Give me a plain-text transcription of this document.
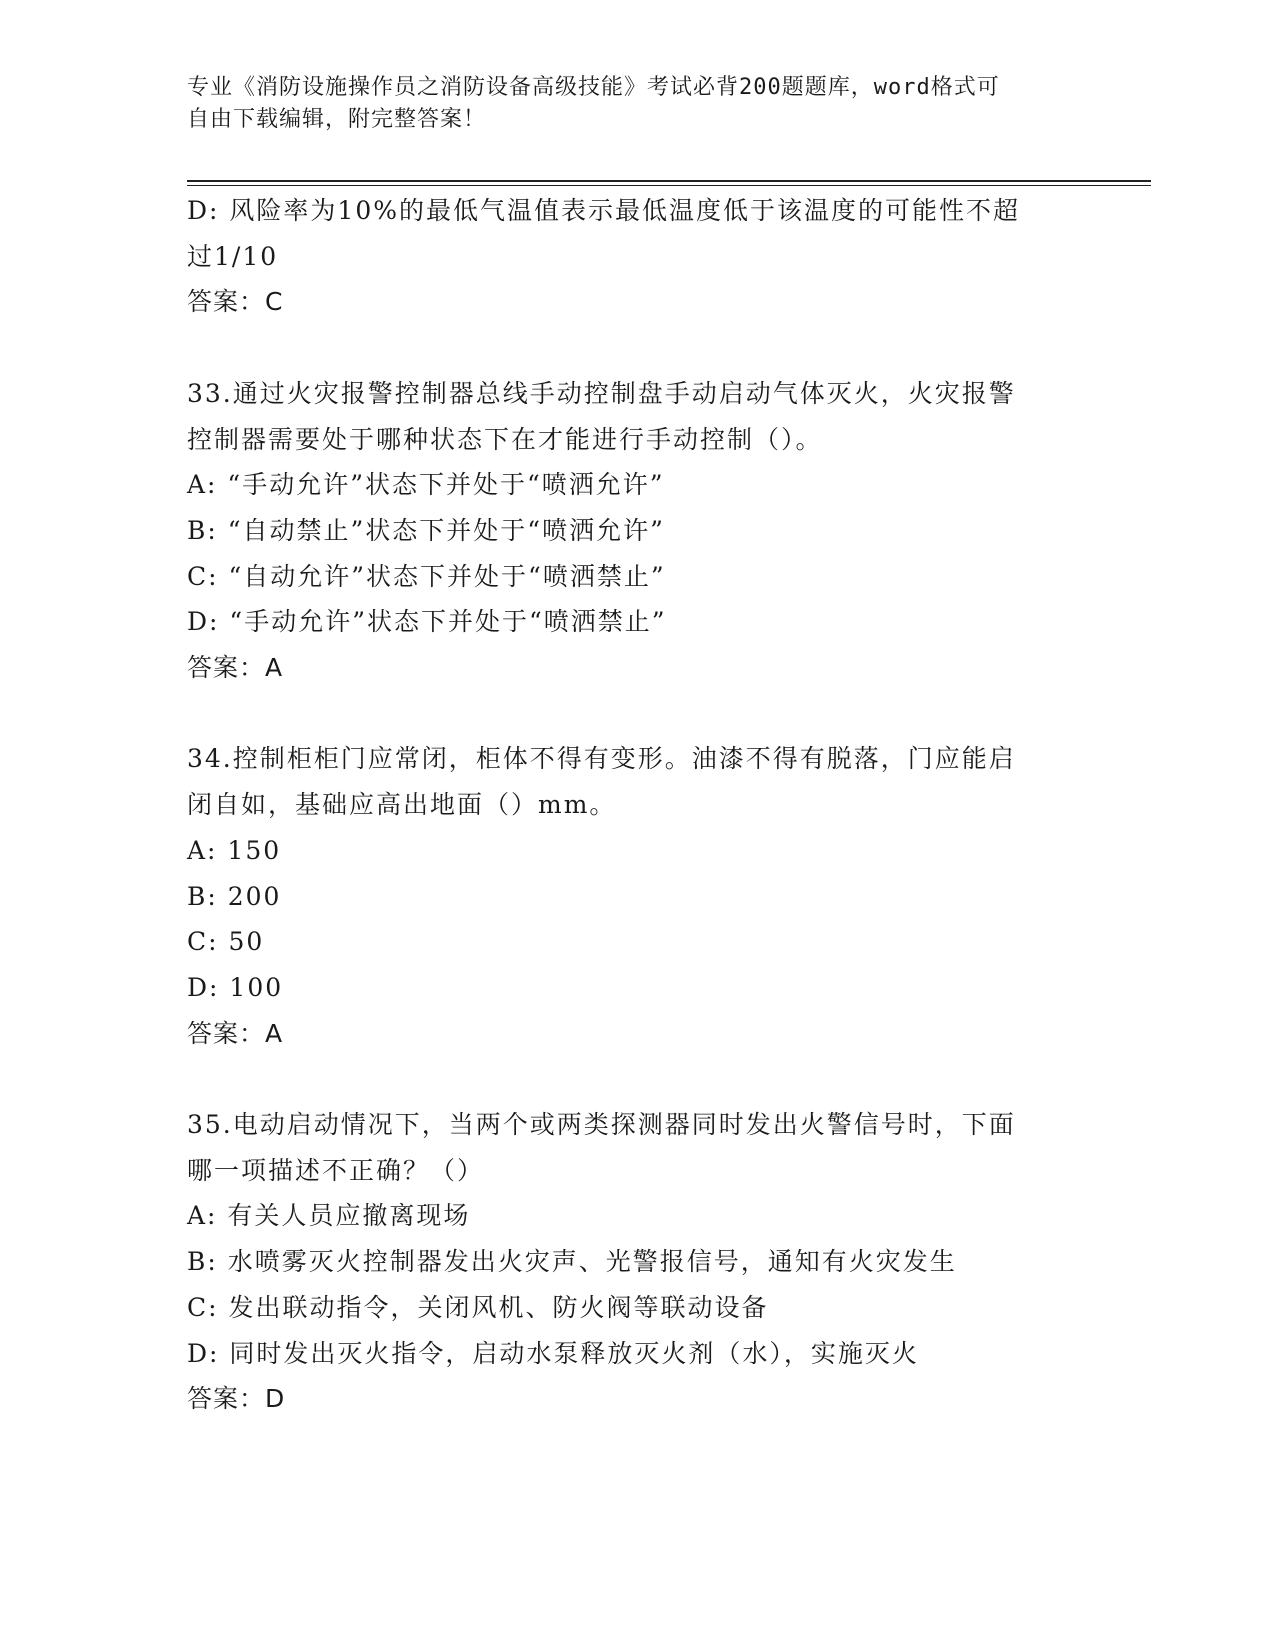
专业《消防设施操作员之消防设备高级技能》考试必背200题题库，word格式可
自由下载编辑，附完整答案！
D: 风险率为10%的最低气温值表示最低温度低于该温度的可能性不超
过1/10
答案：C
33.通过火灾报警控制器总线手动控制盘手动启动气体灭火，火灾报警
控制器需要处于哪种状态下在才能进行手动控制（）。
A: “手动允许”状态下并处于“喷洒允许”
B: “自动禁止”状态下并处于“喷洒允许”
C: “自动允许”状态下并处于“喷洒禁止”
D: “手动允许”状态下并处于“喷洒禁止”
答案：A
34.控制柜柜门应常闭，柜体不得有变形。油漆不得有脱落，门应能启
闭自如，基础应高出地面（）mm。
A: 150
B: 200
C: 50
D: 100
答案：A
35.电动启动情况下，当两个或两类探测器同时发出火警信号时，下面
哪一项描述不正确？（）
A: 有关人员应撤离现场
B: 水喷雾灭火控制器发出火灾声、光警报信号，通知有火灾发生
C: 发出联动指令，关闭风机、防火阀等联动设备
D: 同时发出灭火指令，启动水泵释放灭火剂（水），实施灭火
答案：D
